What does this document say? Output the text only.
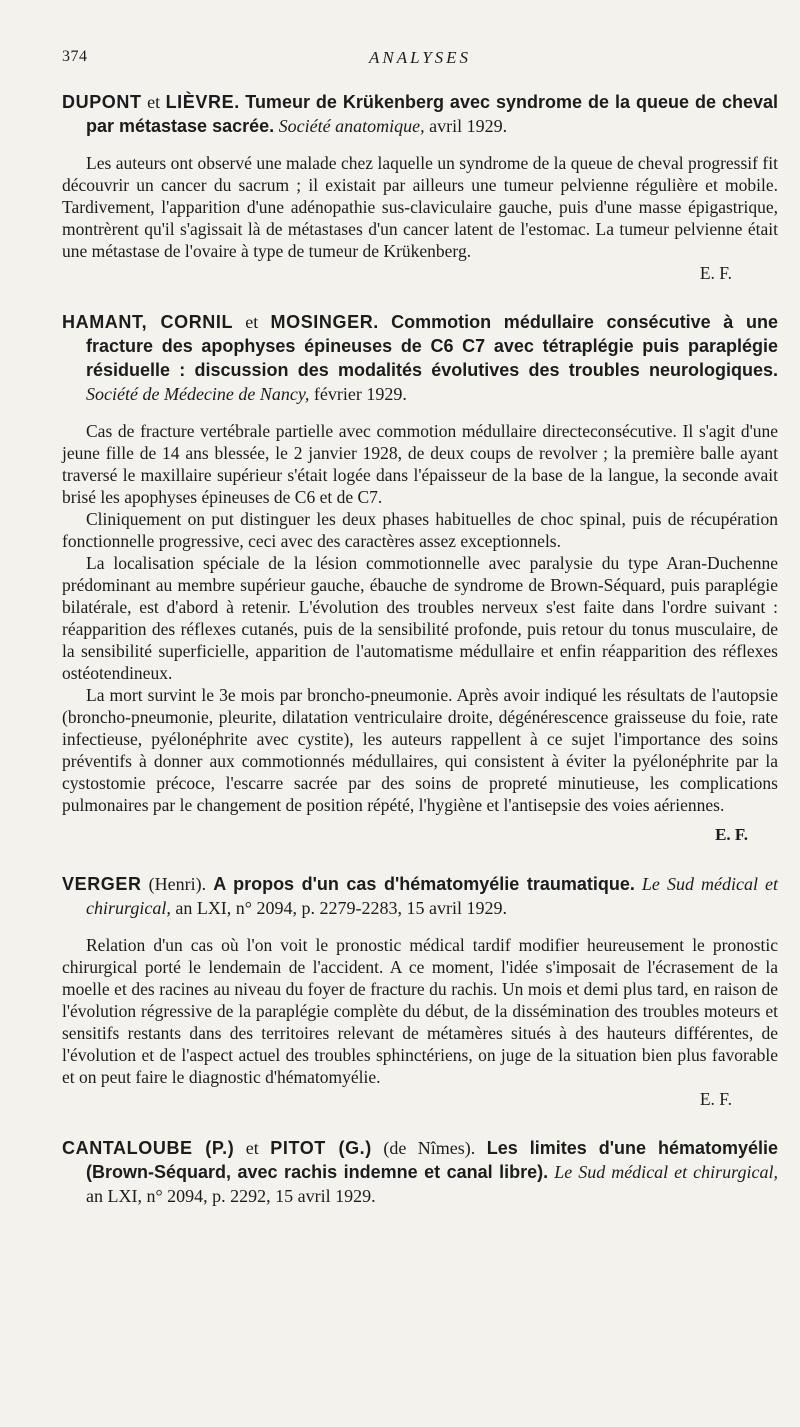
374	ANALYSES
DUPONT et LIÈVRE. Tumeur de Krükenberg avec syndrome de la queue de cheval par métastase sacrée. Société anatomique, avril 1929.

Les auteurs ont observé une malade chez laquelle un syndrome de la queue de cheval progressif fit découvrir un cancer du sacrum ; il existait par ailleurs une tumeur pelvienne régulière et mobile. Tardivement, l'apparition d'une adénopathie sus-claviculaire gauche, puis d'une masse épigastrique, montrèrent qu'il s'agissait là de métastases d'un cancer latent de l'estomac. La tumeur pelvienne était une métastase de l'ovaire à type de tumeur de Krükenberg.

E. F.
HAMANT, CORNIL et MOSINGER. Commotion médullaire consécutive à une fracture des apophyses épineuses de C6 C7 avec tétraplégie puis paraplégie résiduelle : discussion des modalités évolutives des troubles neurologiques. Société de Médecine de Nancy, février 1929.

Cas de fracture vertébrale partielle avec commotion médullaire directeconsécutive. Il s'agit d'une jeune fille de 14 ans blessée, le 2 janvier 1928, de deux coups de revolver ; la première balle ayant traversé le maxillaire supérieur s'était logée dans l'épaisseur de la base de la langue, la seconde avait brisé les apophyses épineuses de C6 et de C7.

Cliniquement on put distinguer les deux phases habituelles de choc spinal, puis de récupération fonctionnelle progressive, ceci avec des caractères assez exceptionnels.

La localisation spéciale de la lésion commotionnelle avec paralysie du type Aran-Duchenne prédominant au membre supérieur gauche, ébauche de syndrome de Brown-Séquard, puis paraplégie bilatérale, est d'abord à retenir. L'évolution des troubles nerveux s'est faite dans l'ordre suivant : réapparition des réflexes cutanés, puis de la sensibilité profonde, puis retour du tonus musculaire, de la sensibilité superficielle, apparition de l'automatisme médullaire et enfin réapparition des réflexes ostéotendineux.

La mort survint le 3e mois par broncho-pneumonie. Après avoir indiqué les résultats de l'autopsie (broncho-pneumonie, pleurite, dilatation ventriculaire droite, dégénérescence graisseuse du foie, rate infectieuse, pyélonéphrite avec cystite), les auteurs rappellent à ce sujet l'importance des soins préventifs à donner aux commotionnés médullaires, qui consistent à éviter la pyélonéphrite par la cystostomie précoce, l'escarre sacrée par des soins de propreté minutieuse, les complications pulmonaires par le changement de position répété, l'hygiène et l'antisepsie des voies aériennes.

E. F.
VERGER (Henri). A propos d'un cas d'hématomyélie traumatique. Le Sud médical et chirurgical, an LXI, n° 2094, p. 2279-2283, 15 avril 1929.

Relation d'un cas où l'on voit le pronostic médical tardif modifier heureusement le pronostic chirurgical porté le lendemain de l'accident. A ce moment, l'idée s'imposait de l'écrasement de la moelle et des racines au niveau du foyer de fracture du rachis. Un mois et demi plus tard, en raison de l'évolution régressive de la paraplégie complète du début, de la dissémination des troubles moteurs et sensitifs restants dans des territoires relevant de métamères situés à des hauteurs différentes, de l'évolution et de l'aspect actuel des troubles sphinctériens, on juge de la situation bien plus favorable et on peut faire le diagnostic d'hématomyélie.

E. F.
CANTALOUBE (P.) et PITOT (G.) (de Nîmes). Les limites d'une hématomyélie (Brown-Séquard, avec rachis indemne et canal libre). Le Sud médical et chirurgical, an LXI, n° 2094, p. 2292, 15 avril 1929.
